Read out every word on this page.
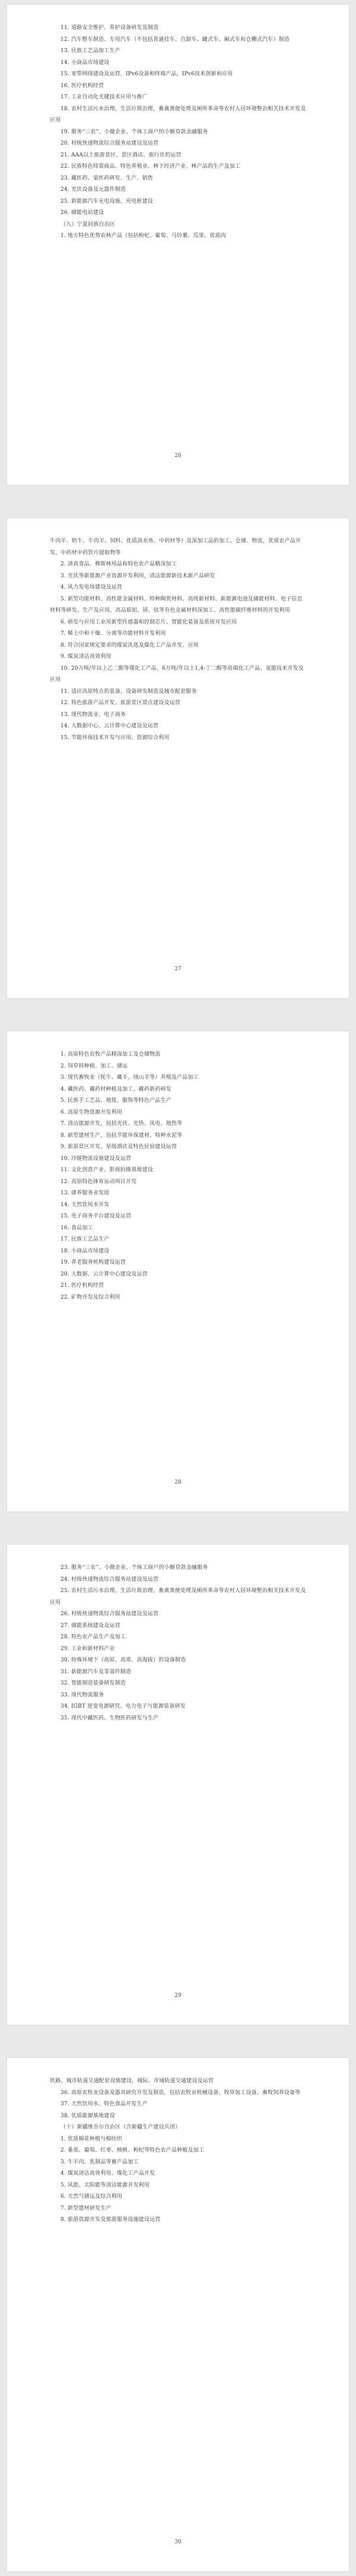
11. 道路安全维护、养护设备研发及制造

12. 汽车整车制造、专用汽车（不包括普通挂车、自卸车、罐式车、厢式车和仓栅式汽车）制造

13. 民族工艺品加工生产

14. 小商品市场建设

15. 宽带网络建设及运营，IPv6设备和终端产品，IPv6技术创新和应用

16. 医疗机构经营

17. 工业自动化关键技术应用与推广

18. 农村生活污水治理，生活垃圾治理，畜禽粪便处理及厕所革命等农村人居环境整治相关技术开发及应用

19. 服务“三农”、小微企业、个体工商户的小额贷款金融服务

20. 村级快递物流综合服务站建设及运营

21. AAA以上旅游景区、景区酒店、旅行社的运营

22. 民族特色特需商品、特色养殖业、林下经济产业、林产品的生产及加工

23. 藏医药、蒙医药研发、生产、销售

24. 光伏设备及元器件制造

25. 新能源汽车充电设施、充电桩建设

26. 储能电站建设

（九）宁夏回族自治区

1. 地方特色优势农林产品（包括枸杞、葡萄、马铃薯、瓜果、优质肉

26

牛肉羊、奶牛、牛肉羊、饲料、优质淡水鱼、中药材等）及深加工品的加工、仓储、物流，优质农产品开发、中药材中药饮片提取物等

2. 清真食品、穆斯林用品和特色农产品精深加工

3. 光伏等新能源产业资源开发利用，清洁能源新技术新产品研发

4. 风力发电场建设及运营

5. 新型功能材料、高性能金属材料、特种陶瓷材料、高纯新材料、新能源电池及储能材料、电子信息材料等研发、生产及应用，高品质铝、镁、钛等有色金属材料深加工、高性能碳纤维材料的开发利用

6. 研发与应用工业用新型传感器和控制芯片、智能化装备及系统开发应用

7. 稀土中和干燥、分离等功能材料开发利用

8. 符合国家规定要求的煤炭洗选及煤化工产品开发、应用

9. 煤炭清洁高效利用

10. 20万吨/年以上乙二醇等煤化工产品、6万吨/年以上1,4-丁二醇等高端化工产品、氢能技术开发及应用

11. 适应高原特点的装备、设备研发制造及城市配套服务

12. 特色旅游产品开发、旅游景区景点建设及运营

13. 现代物流业、电子商务

14. 大数据中心、云计算中心建设及运营

15. 节能环保技术开发与应用、资源综合利用

27

1. 高原特色农牧产品精深加工及仓储物流

2. 饲草料种植、加工、储运

3. 现代畜牧业（牦牛、藏羊、绒山羊等）养殖及产品加工

4. 藏医药、藏药材种植及加工、藏药新药研发

5. 民族手工艺品、地毯、服饰等特色产品生产

6. 高原生物资源开发利用

7. 清洁能源开发，包括光伏、光热、风电、地热等

8. 新型建材生产，包括节能环保建材、特种水泥等

9. 旅游景区开发、星级酒店及特色民宿建设运营

10. 冷链物流设施建设及运营

11. 文化创意产业、影视拍摄基地建设

12. 高原特色体育运动项目开发

13. 康养服务业发展

14. 天然饮用水开发

15. 电子商务平台建设及运营

16. 食品加工

17. 民族工艺品生产

18. 小商品市场建设

19. 养老服务机构建设运营

20. 大数据、云计算中心建设及运营

21. 医疗机构经营

22. 矿物开发及综合利用

28

23. 服务“三农”、小微企业、个体工商户的小额贷款金融服务

24. 村级快递物流综合服务站建设及运营

25. 农村生活污水治理，生活垃圾治理，畜禽粪便处理及厕所革命等农村人居环境整治相关技术开发及应用

26. 村级快递物流综合服务站建设及运营

27. 储能系统建设及运营

28. 特色农产品生产及加工

29. 工业和新材料产业

30. 特殊环境下（高原、高寒、高海拔）的设备制造

31. 新能源汽车及零部件制造

32. 智能制造装备研发制造

33. 现代物流服务

34. IGBT 逆变电源研究、电力电子与能源装备研发

35. 现代中藏医药、生物医药研发与生产

29

铁路、城市轨道交通配套设施建设，城际、市域轨道交通建设及运营

36. 高原农牧业设备及器具研究开发及制造，包括农牧业机械设备、牧草加工设备、畜牧饲养设备等

37. 天然饮用水、特色食品开发生产

38. 优质能源基地建设

（十）新疆维吾尔自治区（含新疆生产建设兵团）

1. 优质棉花种植与棉纺织

2. 番茄、葡萄、红枣、核桃、枸杞等特色农产品种植及加工

3. 牛羊肉、乳制品等畜产品加工

4. 煤炭清洁高效利用、煤化工产品开发

5. 风能、太阳能等清洁能源开发利用

6. 天然气储运及综合利用

7. 新型建材研发生产

8. 旅游资源开发及旅游服务设施建设运营

30
